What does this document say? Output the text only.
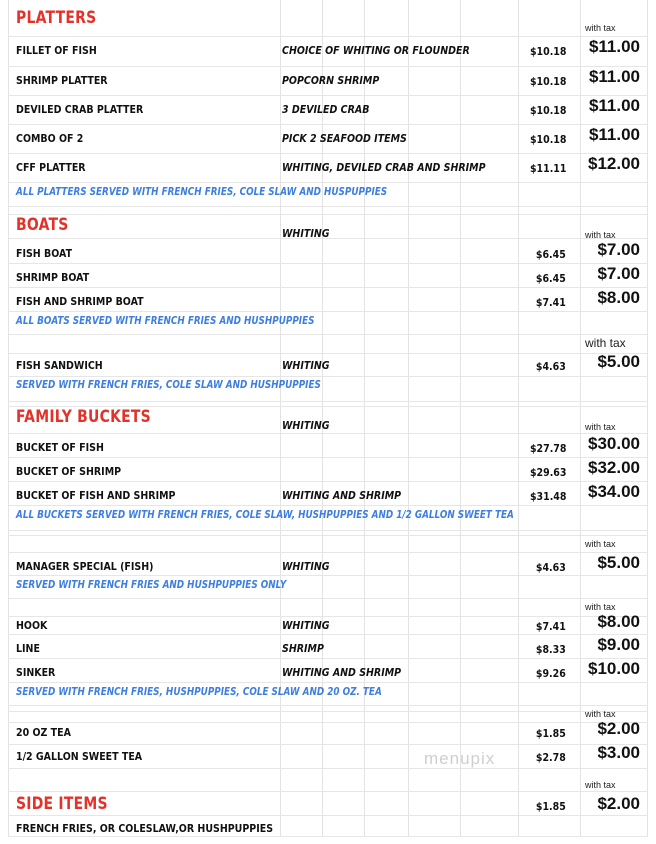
PLATTERS	with tax
FILLET OF FISH	CHOICE OF WHITING OR FLOUNDER	$10.18 $11.00
SHRIMP PLATTER	POPCORN SHRIMP	$10.18 $11.00
DEVILED CRAB PLATTER	3 DEVILED CRAB	$10.18 $11.00
COMBO OF 2	PICK 2 SEAFOOD ITEMS	$10.18 $11.00
CFF PLATTER	WHITING, DEVILED CRAB AND SHRIMP	$11.11 $12.00
ALL PLATTERS SERVED WITH FRENCH FRIES, COLE SLAW AND HUSPUPPIES
BOATS	WHITING	with tax
FISH BOAT	$6.45 $7.00
SHRIMP BOAT	$6.45 $7.00
FISH AND SHRIMP BOAT	$7.41 $8.00
ALL BOATS SERVED WITH FRENCH FRIES AND HUSHPUPPIES
with tax
FISH SANDWICH	WHITING	$4.63 $5.00
SERVED WITH FRENCH FRIES, COLE SLAW AND HUSHPUPPIES
FAMILY BUCKETS	WHITING	with tax
BUCKET OF FISH	$27.78 $30.00
BUCKET OF SHRIMP	$29.63 $32.00
BUCKET OF FISH AND SHRIMP	WHITING AND SHRIMP	$31.48 $34.00
ALL BUCKETS SERVED WITH FRENCH FRIES, COLE SLAW, HUSHPUPPIES AND 1/2 GALLON SWEET TEA
with tax
MANAGER SPECIAL (FISH)	WHITING	$4.63 $5.00
SERVED WITH FRENCH FRIES AND HUSHPUPPIES ONLY
with tax
HOOK	WHITING	$7.41 $8.00
LINE	SHRIMP	$8.33 $9.00
SINKER	WHITING AND SHRIMP	$9.26 $10.00
SERVED WITH FRENCH FRIES, HUSHPUPPIES, COLE SLAW AND 20 OZ. TEA
with tax
20 OZ TEA	$1.85 $2.00
1/2 GALLON SWEET TEA	$2.78 $3.00
with tax
SIDE ITEMS	$1.85 $2.00
FRENCH FRIES, OR COLESLAW,OR HUSHPUPPIES
menupix
